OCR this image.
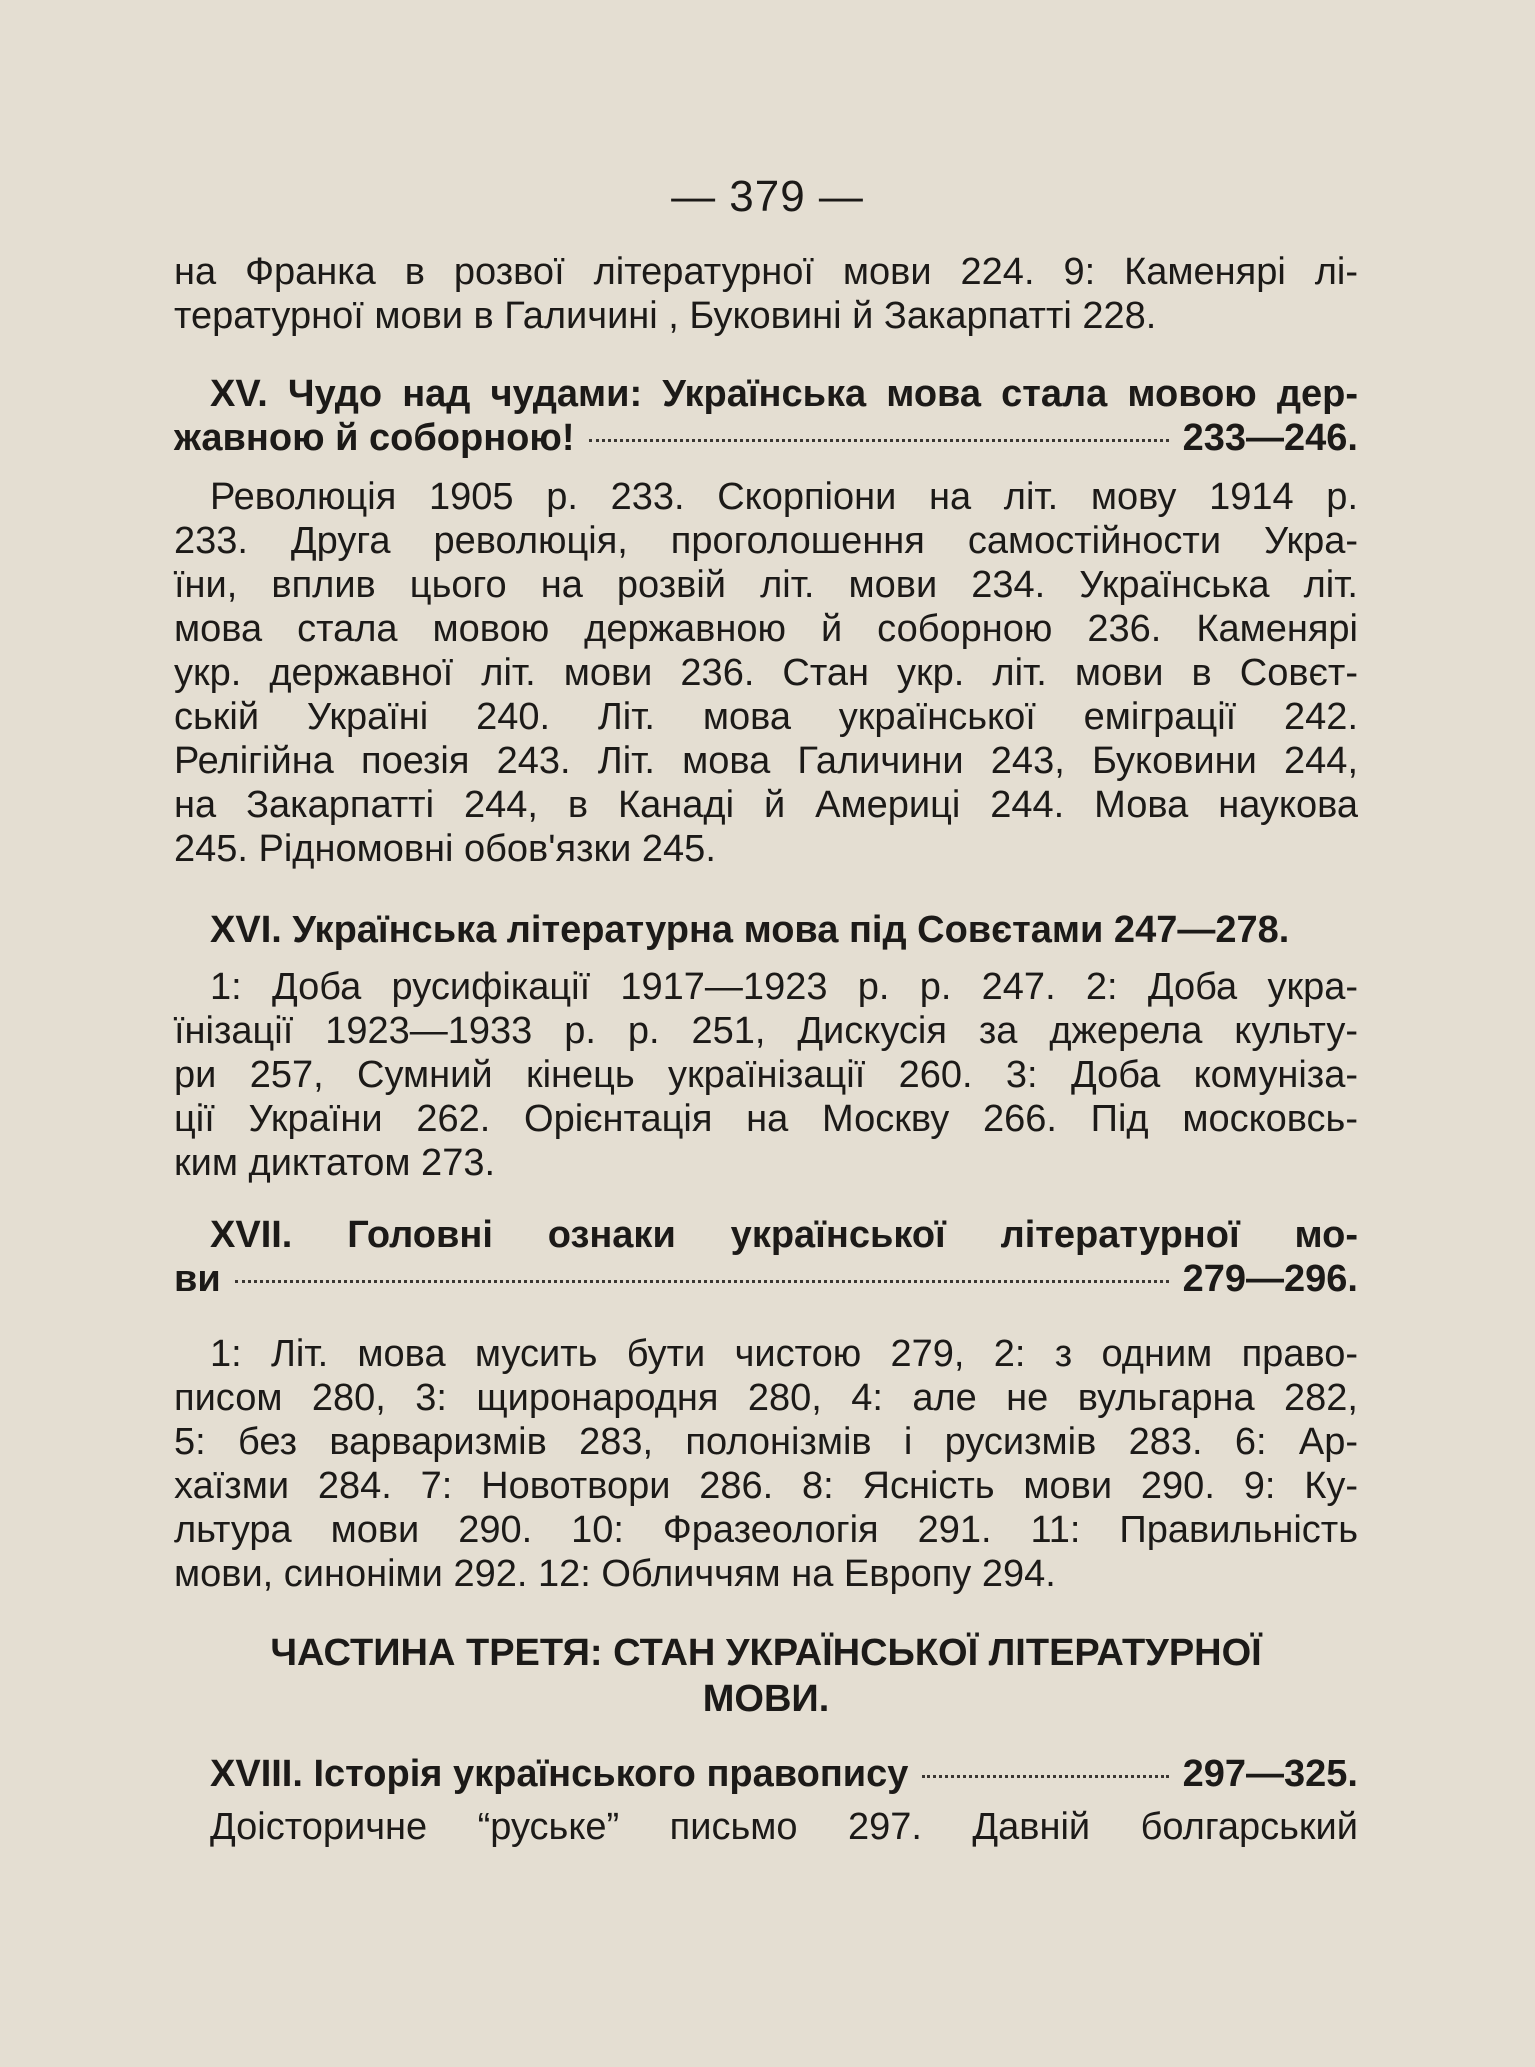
— 379 —
на Франка в розвої літературної мови 224. 9: Каменярі лі-
тературної мови в Галичині , Буковині й Закарпатті 228.
XV. Чудо над чудами: Українська мова стала мовою дер-
жавною й соборною!	233—246.
Революція 1905 р. 233. Скорпіони на літ. мову 1914 р.
233. Друга революція, проголошення самостійности Укра-
їни, вплив цього на розвій літ. мови 234. Українська літ.
мова стала мовою державною й соборною 236. Каменярі
укр. державної літ. мови 236. Стан укр. літ. мови в Совєт-
ській Україні 240. Літ. мова української еміграції 242.
Релігійна поезія 243. Літ. мова Галичини 243, Буковини 244,
на Закарпатті 244, в Канаді й Америці 244. Мова наукова
245. Рідномовні обов'язки 245.
XVI. Українська літературна мова під Совєтами 247—278.
1: Доба русифікації 1917—1923 р. р. 247. 2: Доба укра-
їнізації 1923—1933 р. р. 251, Дискусія за джерела культу-
ри 257, Сумний кінець українізації 260. 3: Доба комунiза-
ції України 262. Орієнтація на Москву 266. Під московсь-
ким диктатом 273.
XVII. Головні ознаки української літературної мо-
ви	279—296.
1: Літ. мова мусить бути чистою 279, 2: з одним право-
писом 280, 3: щиронародня 280, 4: але не вульгарна 282,
5: без варваризмів 283, полонізмів і русизмів 283. 6: Ар-
хаїзми 284. 7: Новотвори 286. 8: Ясність мови 290. 9: Ку-
льтура мови 290. 10: Фразеологія 291. 11: Правильність
мови, синоніми 292. 12: Обличчям на Европу 294.
ЧАСТИНА ТРЕТЯ: СТАН УКРАЇНСЬКОЇ ЛІТЕРАТУРНОЇ
МОВИ.
XVIII. Історія українського правопису	297—325.
Доісторичне “руське” письмо 297. Давній болгарський
